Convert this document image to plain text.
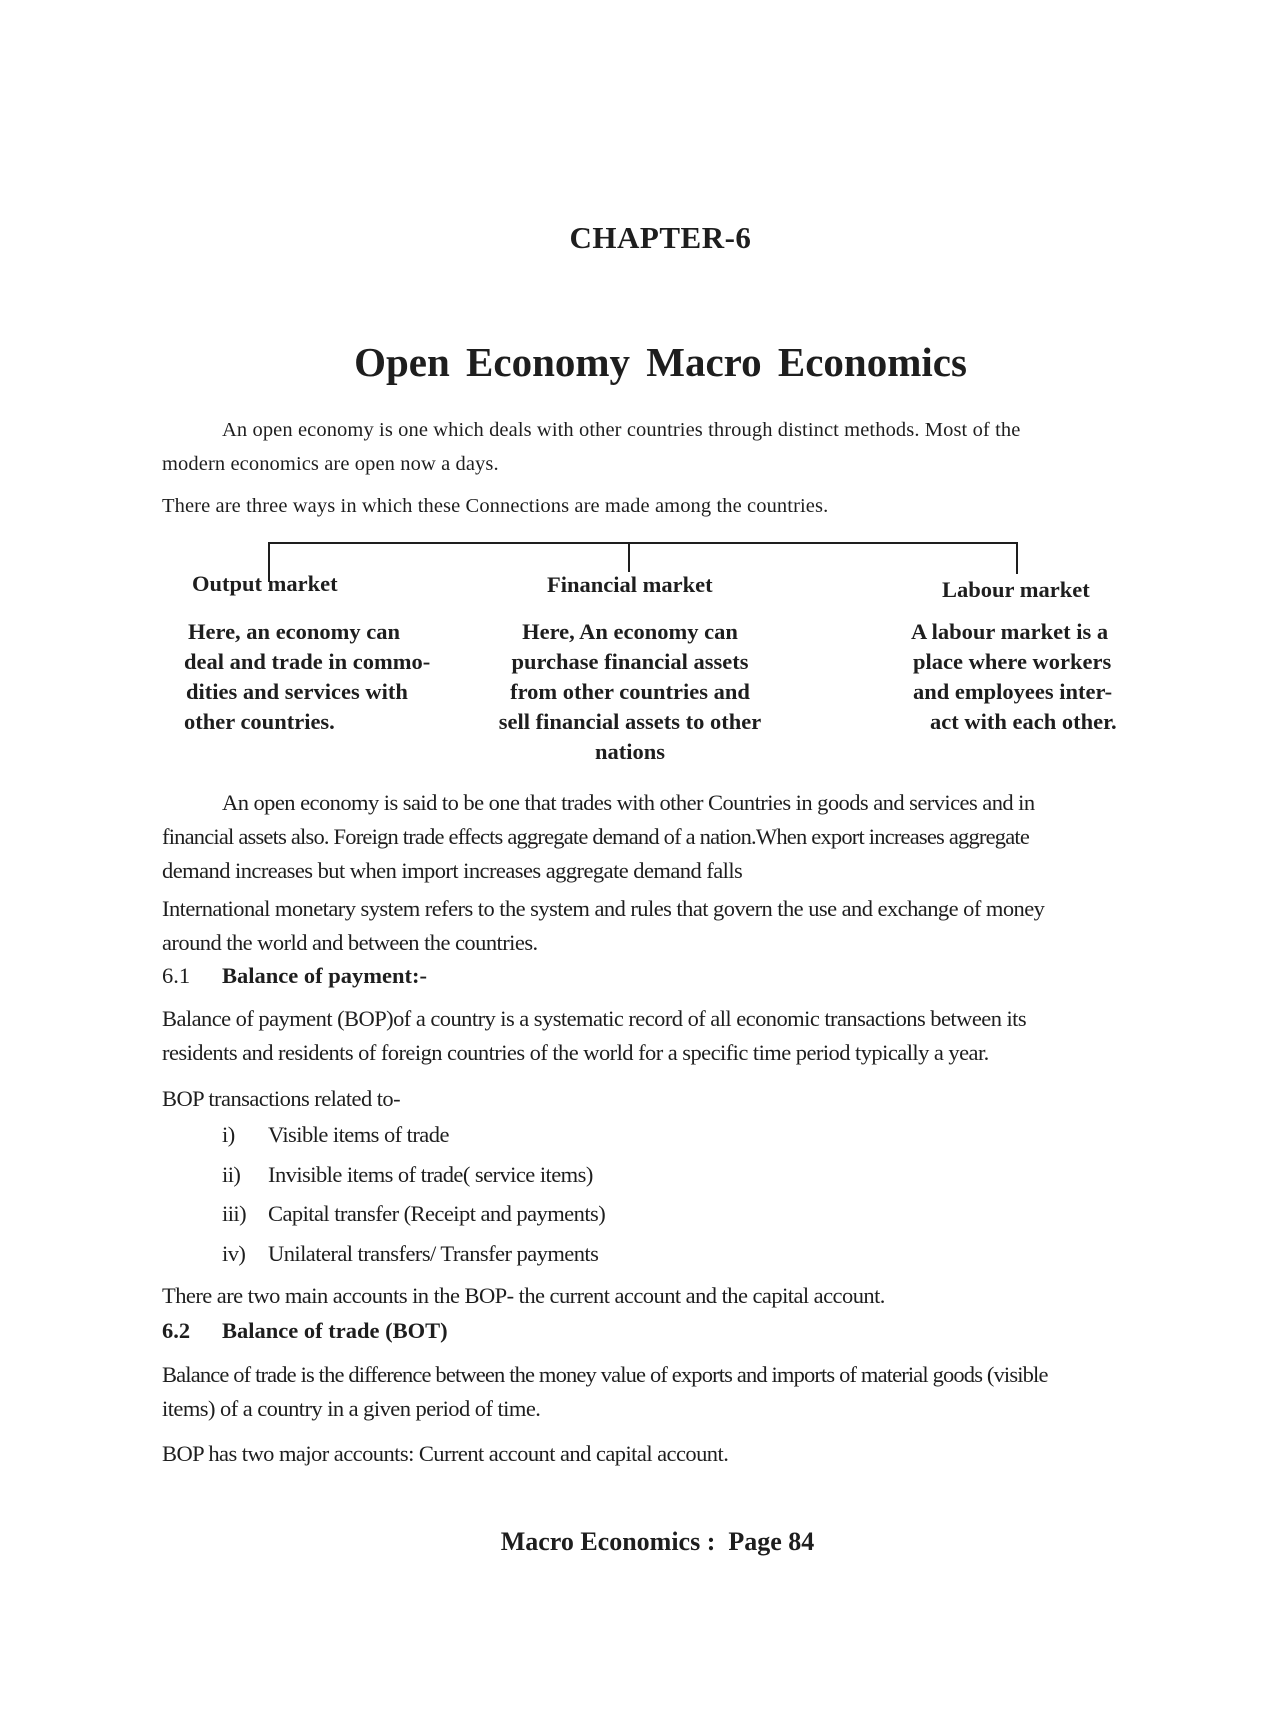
CHAPTER-6
Open Economy Macro Economics
An open economy is one which deals with other countries through distinct methods. Most of the
modern economics are open now a days.
There are three ways in which these Connections are made among the countries.
Output market	Financial market	Labour market
Here, an economy can
deal and trade in commo-
dities and services with
other countries.
Here, An economy can
purchase financial assets
from other countries and
sell financial assets to other
nations
A labour market is a
place where workers
and employees inter-
act with each other.
An open economy is said to be one that trades with other Countries in goods and services and in
financial assets also. Foreign trade effects aggregate demand of a nation.When export increases aggregate
demand increases but when import increases aggregate demand falls
International monetary system refers to the system and rules that govern the use and exchange of money
around the world and between the countries.
6.1 Balance of payment:-
Balance of payment (BOP)of a country is a systematic record of all economic transactions between its
residents and residents of foreign countries of the world for a specific time period typically a year.
BOP transactions related to-
i) Visible items of trade
ii) Invisible items of trade( service items)
iii) Capital transfer (Receipt and payments)
iv) Unilateral transfers/ Transfer payments
There are two main accounts in the BOP- the current account and the capital account.
6.2 Balance of trade (BOT)
Balance of trade is the difference between the money value of exports and imports of material goods (visible
items) of a country in a given period of time.
BOP has two major accounts: Current account and capital account.
Macro Economics :  Page 84
